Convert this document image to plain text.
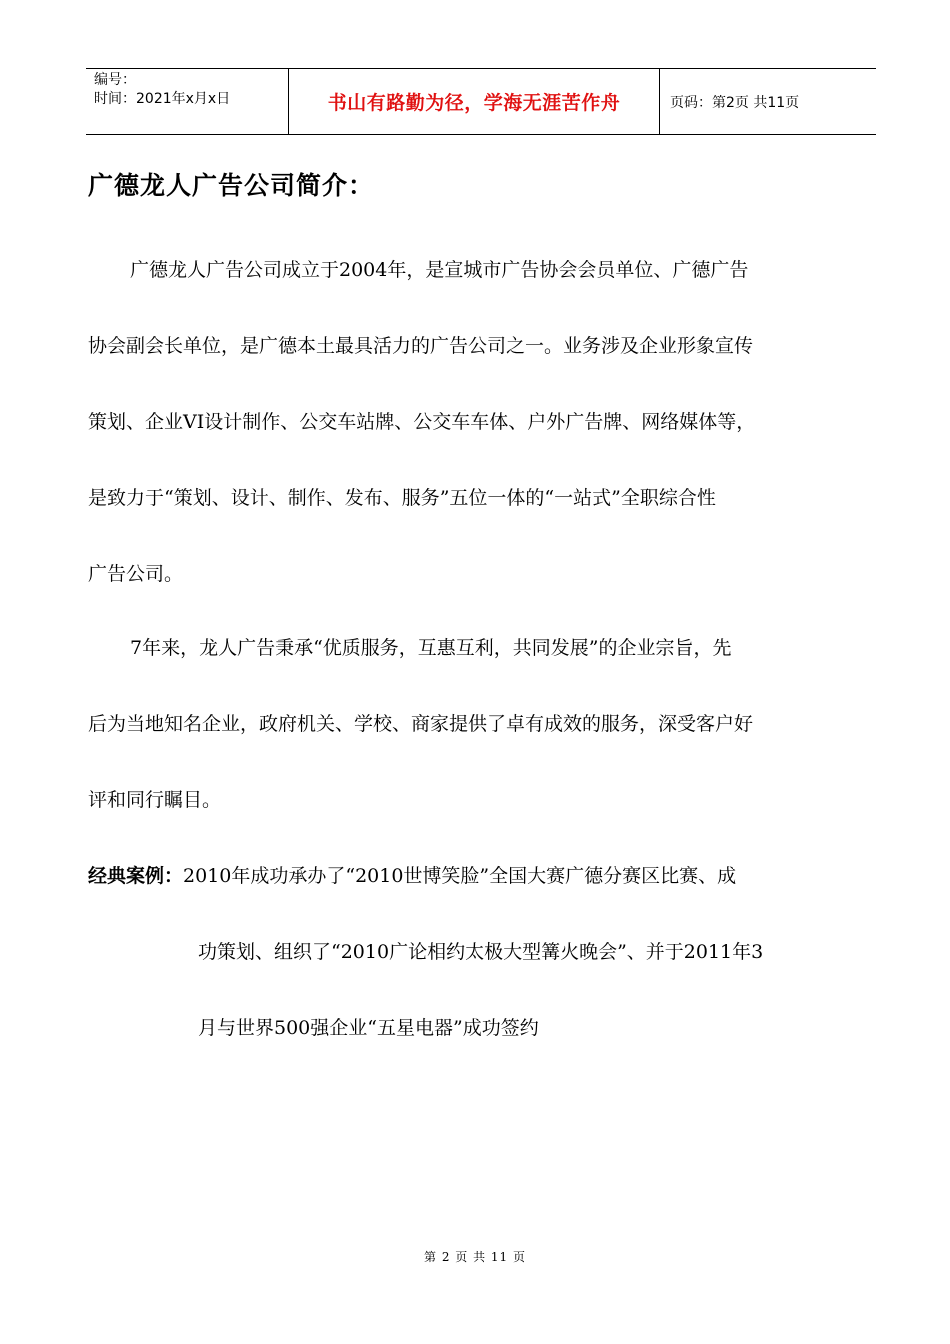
编号：
时间：2021年x月x日	书山有路勤为径，学海无涯苦作舟	页码：第2页 共11页
广德龙人广告公司简介：
广德龙人广告公司成立于2004年，是宣城市广告协会会员单位、广德广告
协会副会长单位，是广德本土最具活力的广告公司之一。业务涉及企业形象宣传
策划、企业VI设计制作、公交车站牌、公交车车体、户外广告牌、网络媒体等，
是致力于“策划、设计、制作、发布、服务”五位一体的“一站式”全职综合性
广告公司。
7年来，龙人广告秉承“优质服务，互惠互利，共同发展”的企业宗旨，先
后为当地知名企业，政府机关、学校、商家提供了卓有成效的服务，深受客户好
评和同行瞩目。
经典案例：2010年成功承办了“2010世博笑脸”全国大赛广德分赛区比赛、成
功策划、组织了“2010广论相约太极大型篝火晚会”、并于2011年3
月与世界500强企业“五星电器”成功签约
第 2 页 共 11 页
